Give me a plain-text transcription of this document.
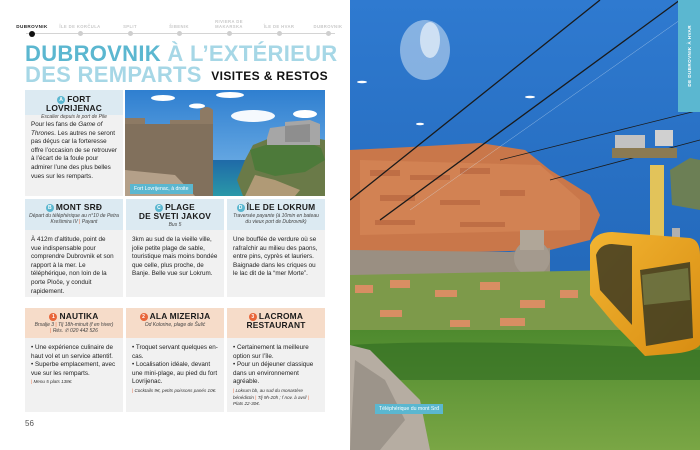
DUBROVNIK	ÎLE DE KORČULA	SPLIT	ŠIBENIK
RIVIERA DE MAKARSKA	ÎLE DE HVAR	DUBROVNIK
DUBROVNIK À L’EXTÉRIEUR
DES REMPARTS VISITES & RESTOS
A FORT LOVRIJENAC
Escalier depuis le port de Pile
Pour les fans de Game of Thrones. Les autres ne seront pas déçus car la forteresse offre l’occasion de se retrouver à l’écart de la foule pour admirer l’une des plus belles vues sur les remparts.
Fort Lovrijenac, à droite
B MONT SRĐ
Départ du téléphérique au n°10 de Petra Krešimira IV | Payant
À 412m d’altitude, point de vue indispensable pour comprendre Dubrovnik et son rapport à la mer. Le téléphérique, non loin de la porte Ploče, y conduit rapidement.
C PLAGE
DE SVETI JAKOV
Bus 5
3km au sud de la vieille ville, jolie petite plage de sable, touristique mais moins bondée que celle, plus proche, de Banje. Belle vue sur Lokrum.
D ÎLE DE LOKRUM
Traversée payante (à 10min en bateau du vieux port de Dubrovnik)
Une bouffée de verdure où se rafraîchir au milieu des paons, entre pins, cyprès et lauriers. Baignade dans les criques ou le lac dit de la “mer Morte”.
1 NAUTIKA
Brsalje 3 | Tlj 18h-minuit (f en hiver)
| Rés. ✆ 020 442 526
• Une expérience culinaire de haut vol et un service attentif.
• Superbe emplacement, avec vue sur les remparts.
| Menu 5 plats 138€.
2 ALA MIZERIJA
Od Kolorine, plage de Šulić
• Troquet servant quelques en-cas.
• Localisation idéale, devant une mini-plage, au pied du fort Lovrijenac.
| Cocktails 9€, petits poissons panés 10€.
3 LACROMA
RESTAURANT
• Certainement la meilleure option sur l’île.
• Pour un déjeuner classique dans un environnement agréable.
| Lokrum bb, au sud du monastère bénédictin | Tlj 9h-20h ; f nov. à avril | Plats 22-30€.
56
Téléphérique du mont Srđ
DE DUBROVNIK À HVAR
